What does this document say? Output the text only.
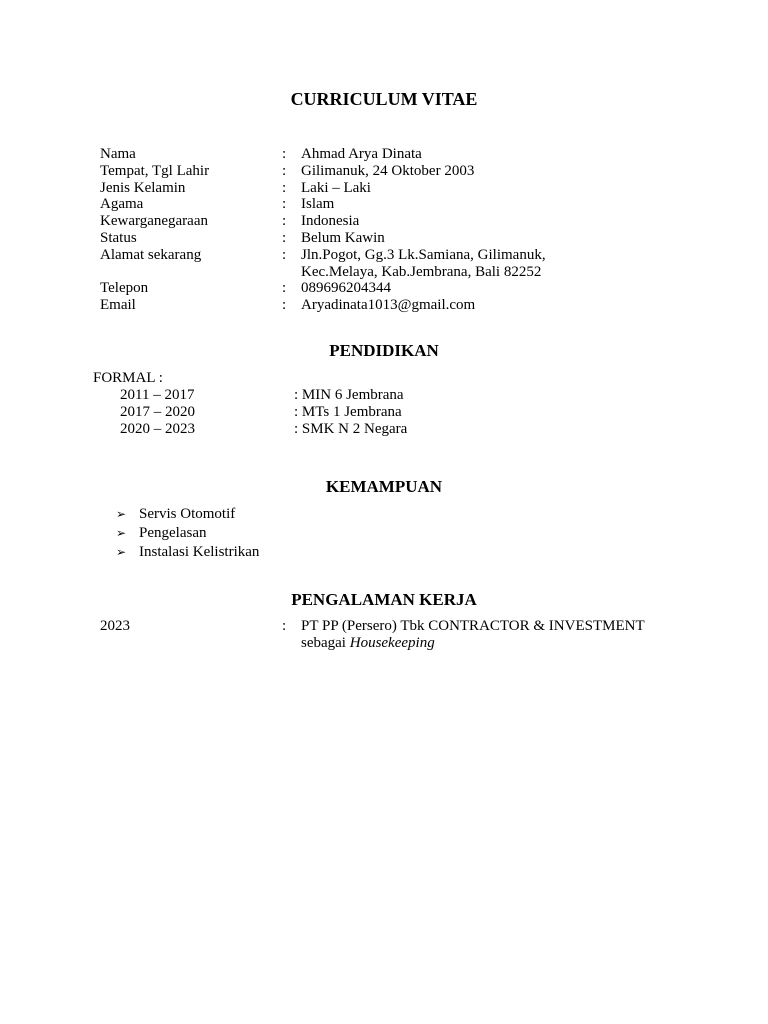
CURRICULUM VITAE
Nama	: Ahmad Arya Dinata
Tempat, Tgl Lahir	: Gilimanuk, 24 Oktober 2003
Jenis Kelamin	: Laki – Laki
Agama	: Islam
Kewarganegaraan	: Indonesia
Status	: Belum Kawin
Alamat sekarang	: Jln.Pogot, Gg.3 Lk.Samiana, Gilimanuk,
Kec.Melaya, Kab.Jembrana, Bali 82252
Telepon	: 089696204344
Email	: Aryadinata1013@gmail.com
PENDIDIKAN
FORMAL :
2011 – 2017	: MIN 6 Jembrana
2017 – 2020	: MTs 1 Jembrana
2020 – 2023	: SMK N 2 Negara
KEMAMPUAN
➢ Servis Otomotif
➢ Pengelasan
➢ Instalasi Kelistrikan
PENGALAMAN KERJA
2023	: PT PP (Persero) Tbk CONTRACTOR & INVESTMENT
sebagai Housekeeping
